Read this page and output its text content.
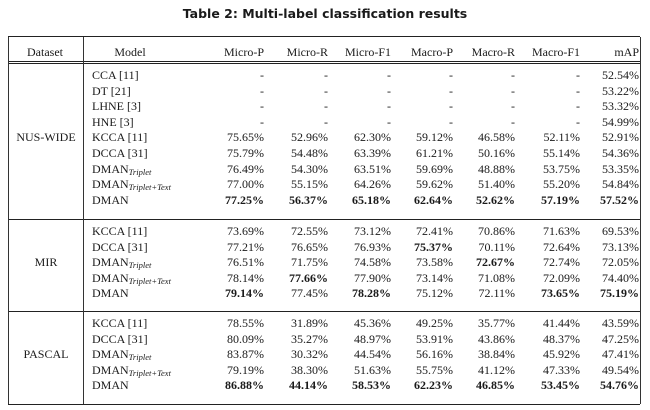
Table 2: Multi-label classification results
Dataset	Model	Micro-P	Micro-R	Micro-F1	Macro-P	Macro-R	Macro-F1	mAP
NUS-WIDE
CCA [11]	-	-	-	-	-	-	52.54%
DT [21]	-	-	-	-	-	-	53.22%
LHNE [3]	-	-	-	-	-	-	53.32%
HNE [3]	-	-	-	-	-	-	54.99%
KCCA [11]	75.65%	52.96%	62.30%	59.12%	46.58%	52.11%	52.91%
DCCA [31]	75.79%	54.48%	63.39%	61.21%	50.16%	55.14%	54.36%
$DMAN_{Triplet}$	76.49%	54.30%	63.51%	59.69%	48.88%	53.75%	53.35%
$DMAN_{Triplet+Text}$	77.00%	55.15%	64.26%	59.62%	51.40%	55.20%	54.84%
DMAN	77.25%	56.37%	65.18%	62.64%	52.62%	57.19%	57.52%
MIR
KCCA [11]	73.69%	72.55%	73.12%	72.41%	70.86%	71.63%	69.53%
DCCA [31]	77.21%	76.65%	76.93%	75.37%	70.11%	72.64%	73.13%
$DMAN_{Triplet}$	76.51%	71.75%	74.58%	73.58%	72.67%	72.74%	72.05%
$DMAN_{Triplet+Text}$	78.14%	77.66%	77.90%	73.14%	71.08%	72.09%	74.40%
DMAN	79.14%	77.45%	78.28%	75.12%	72.11%	73.65%	75.19%
PASCAL
KCCA [11]	78.55%	31.89%	45.36%	49.25%	35.77%	41.44%	43.59%
DCCA [31]	80.09%	35.27%	48.97%	53.91%	43.86%	48.37%	47.25%
$DMAN_{Triplet}$	83.87%	30.32%	44.54%	56.16%	38.84%	45.92%	47.41%
$DMAN_{Triplet+Text}$	79.19%	38.30%	51.63%	55.75%	41.12%	47.33%	49.54%
DMAN	86.88%	44.14%	58.53%	62.23%	46.85%	53.45%	54.76%
